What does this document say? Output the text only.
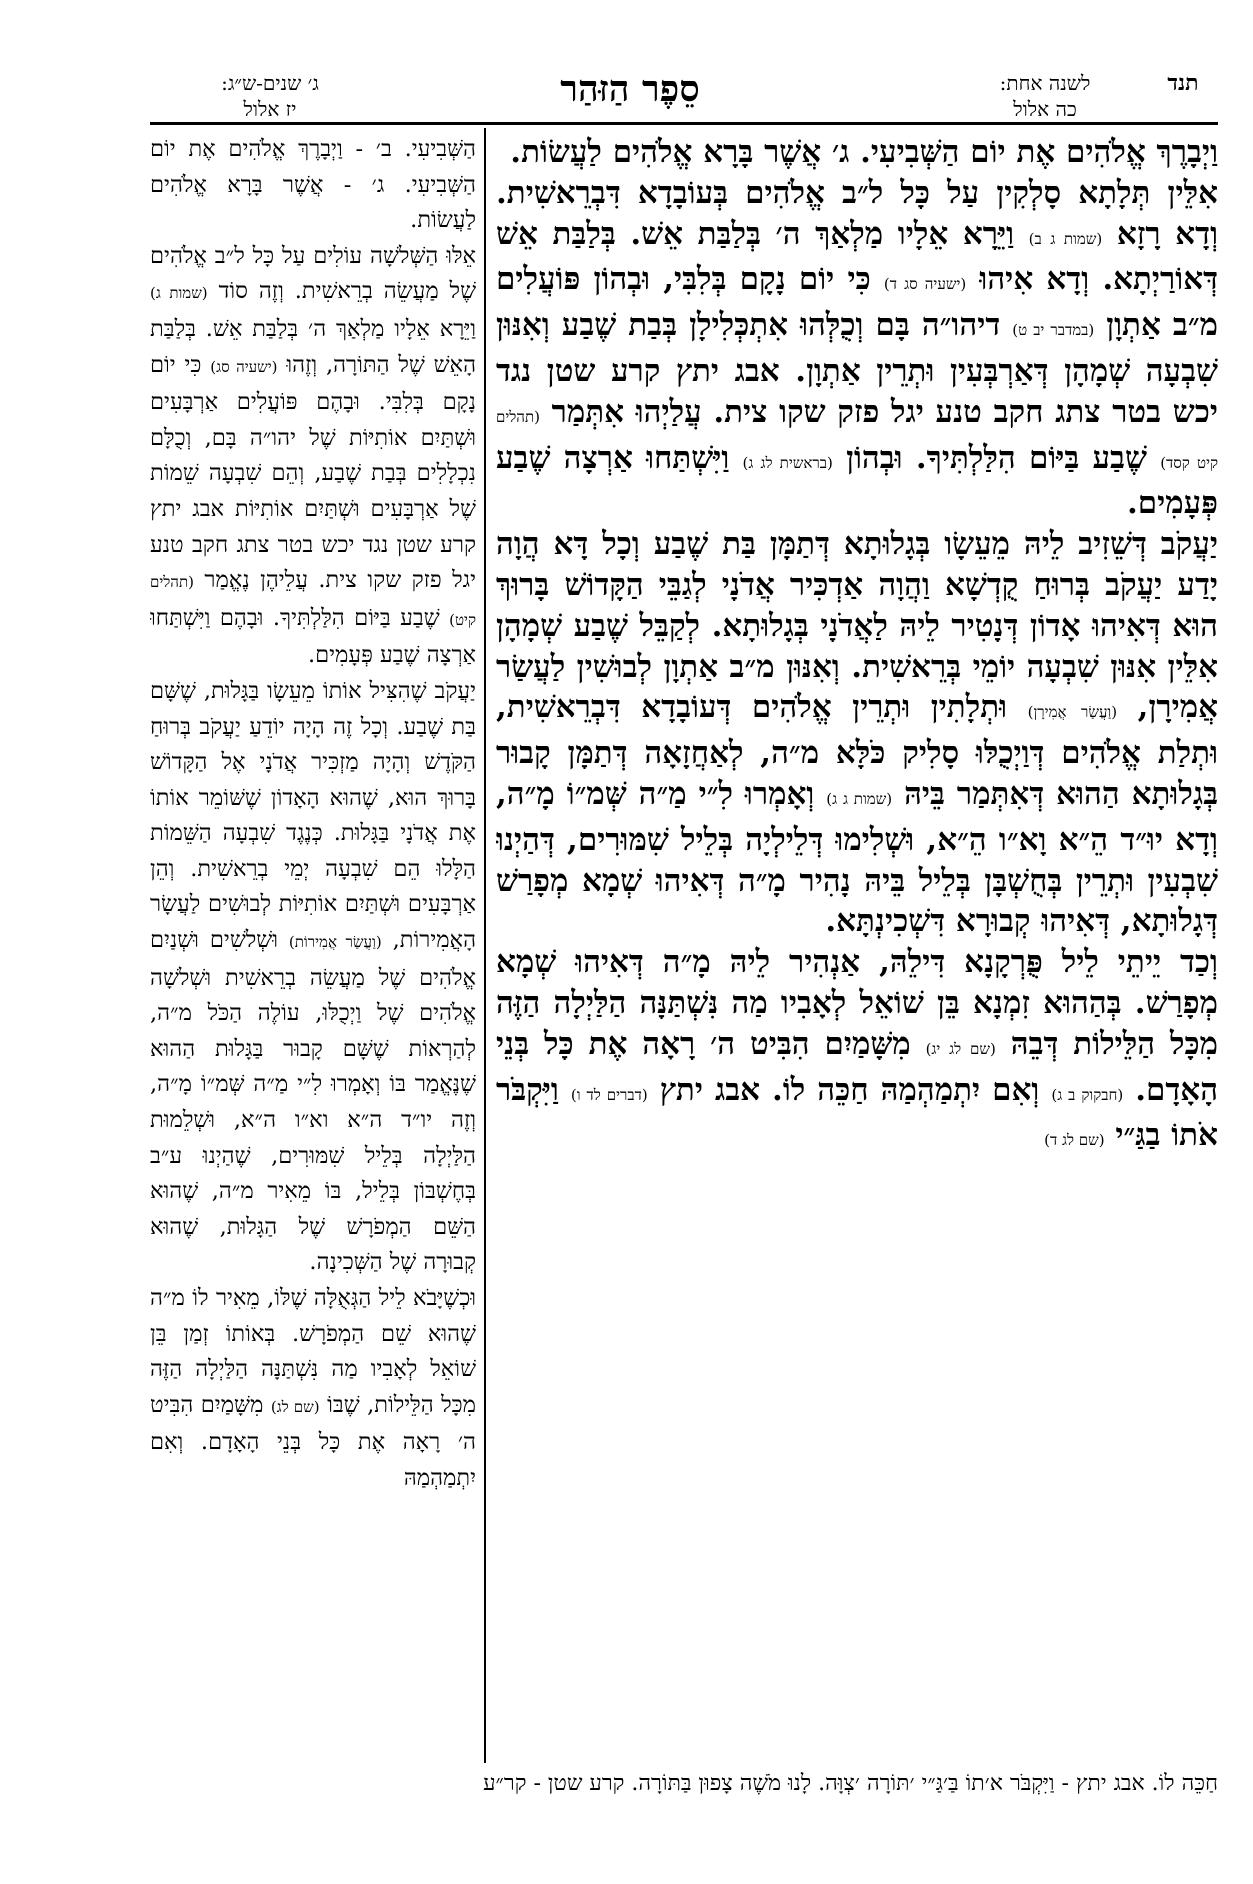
תנד
לשנה אחת:
כה אלול
סֵפֶר הַזּהַר
ג׳ שנים-ש״ג:
יז אלול

וַיְבָרֶךְ אֱלֹהִים אֶת יוֹם הַשְּׁבִיעִי. ג׳ אֲשֶׁר בָּרָא אֱלֹהִים לַעֲשׂוֹת.

אִלֵּין תְּלָתָא סָלְקִין עַל כָּל ל״ב אֱלֹהִים בְּעוֹבָדָא דִּבְרֵאשִׁית. וְדָא רָזָא (שמות ג ב) וַיֵּרָא אֵלָיו מַלְאַךְ ה׳ בְּלַבַּת אֵשׁ. בְּלַבַּת אֵשׁ דְּאוֹרַיְתָא. וְדָא אִיהוּ (ישעיה סג ד) כִּי יוֹם נָקָם בְּלִבִּי, וּבְהוֹן פּוֹעֲלִים מ״ב אַתְוָן (במדבר יב ט) דיהו״ה בָּם וְכֻלְּהוּ אִתְכְּלִילָן בְּבַת שֶׁבַע וְאִנּוּן שִׁבְעָה שְׁמָהָן דְּאַרְבְּעִין וּתְרֵין אַתְוָן. אבג יתץ קרע שטן נגד יכש בטר צתג חקב טנע יגל פזק שקו צית. עֲלַיְהוּ אִתְּמַר (תהלים קיט קסד) שֶׁבַע בַּיּוֹם הִלַּלְתִּיךָ. וּבְהוֹן (בראשית לג ג) וַיִּשְׁתַּחוּ אַרְצָה שֶׁבַע פְּעָמִים.

יַעֲקֹב דְּשֵׁזִיב לֵיהּ מֵעֵשָׂו בְּגָלוּתָא דְּתַמָּן בַּת שֶׁבַע וְכָל דָּא הֲוָה יָדַע יַעֲקֹב בְּרוּחַ קֻדְשָׁא וַהֲוָה אַדְכִּיר אֲדֹנָי לְגַבֵּי הַקָּדוֹשׁ בָּרוּךְ הוּא דְּאִיהוּ אָדוֹן דְּנָטִיר לֵיהּ לַאֲדֹנָי בְּגָלוּתָא. לְקַבֵּל שֶׁבַע שְׁמָהָן אִלֵּין אִנּוּן שִׁבְעָה יוֹמֵי בְּרֵאשִׁית. וְאִנּוּן מ״ב אַתְוָן לְבוּשִׁין לַעֲשַׂר אֲמִירָן, (וַעֲשַׂר אֲמִירָן) וּתְלָתִין וּתְרֵין אֱלֹהִים דְּעוֹבָדָא דִּבְרֵאשִׁית, וּתְלַת אֱלֹהִים דְּוַיְכֻלּוּ סָלִיק כֹּלָּא מ״ה, לְאַחֲזָאָה דְּתַמָּן קָבוּר בְּגָלוּתָא הַהוּא דְּאִתְּמַר בֵּיהּ (שמות ג ג) וְאָמְרוּ לִ״י מַ״ה שְּׁמ״וֹ מָ״ה, וְדָא יוּ״ד הֵ״א וָא״ו הֵ״א, וּשְׁלִימוּ דְּלֵילְיָה בְּלֵיל שִׁמּוּרִים, דְּהַיְנוּ שִׁבְעִין וּתְרֵין בְּחֻשְׁבָּן בְּלֵיל בֵּיהּ נָהִיר מָ״ה דְּאִיהוּ שְׁמָא מְפָרַשׁ דְּגָלוּתָא, דְּאִיהוּ קְבוּרָא דִּשְׁכִינְתָּא.

וְכַד יֵיתֵי לֵיל פֻּרְקָנָא דִּילֵהּ, אַנְהִיר לֵיהּ מָ״ה דְּאִיהוּ שְׁמָא מְפָרַשׁ. בְּהַהוּא זִמְנָא בֵּן שׁוֹאֵל לְאָבִיו מַה נִּשְׁתַּנָּה הַלַּיְלָה הַזֶּה מִכָּל הַלֵּילוֹת דְּבֵהּ (שם לג יג) מִשָּׁמַיִם הִבִּיט ה׳ רָאָה אֶת כָּל בְּנֵי הָאָדָם. (חבקוק ב ג) וְאִם יִתְמַהְמַהּ חַכֵּה לוֹ. אבג יתץ (דברים לד ו) וַיִּקְבֹּר אֹתוֹ בַגַּ״י (שם לג ד)

הַשְּׁבִיעִי. ב׳ - וַיְבָרֶךְ אֱלֹהִים אֶת יוֹם הַשְּׁבִיעִי. ג׳ - אֲשֶׁר בָּרָא אֱלֹהִים לַעֲשׂוֹת.

אֵלּוּ הַשְּׁלשָׁה עוֹלִים עַל כָּל ל״ב אֱלֹהִים שֶׁל מַעֲשֵׂה בְרֵאשִׁית. וְזֶה סוֹד (שמות ג) וַיֵּרָא אֵלָיו מַלְאַךְ ה׳ בְּלַבַּת אֵשׁ. בְּלַבַּת הָאֵשׁ שֶׁל הַתּוֹרָה, וְזֶהוּ (ישעיה סג) כִּי יוֹם נָקָם בְּלִבִּי. וּבָהֶם פּוֹעֲלִים אַרְבָּעִים וּשְׁתַּיִם אוֹתִיּוֹת שֶׁל יהו״ה בָּם, וְכֻלָּם נִכְלָלִים בְּבַת שֶׁבַע, וְהֵם שִׁבְעָה שֵׁמוֹת שֶׁל אַרְבָּעִים וּשְׁתַּיִם אוֹתִיּוֹת אבג יתץ קרע שטן נגד יכש בטר צתג חקב טנע יגל פזק שקו צית. עֲלֵיהֶן נֶאֱמַר (תהלים קיט) שֶׁבַע בַּיּוֹם הִלַּלְתִּיךָ. וּבָהֶם וַיִּשְׁתַּחוּ אַרְצָה שֶׁבַע פְּעָמִים.

יַעֲקֹב שֶׁהִצִּיל אוֹתוֹ מֵעֵשָׂו בַּגָּלוּת, שֶׁשָּׁם בַּת שֶׁבַע. וְכָל זֶה הָיָה יוֹדֵעַ יַעֲקֹב בְּרוּחַ הַקֹּדֶשׁ וְהָיָה מַזְכִּיר אֲדֹנָי אֶל הַקָּדוֹשׁ בָּרוּךְ הוּא, שֶׁהוּא הָאָדוֹן שֶׁשּׁוֹמֵר אוֹתוֹ אֶת אֲדֹנָי בַּגָּלוּת. כְּנֶגֶד שִׁבְעָה הַשֵּׁמוֹת הַלָּלוּ הֵם שִׁבְעָה יְמֵי בְרֵאשִׁית. וְהֵן אַרְבָּעִים וּשְׁתַּיִם אוֹתִיּוֹת לְבוּשִׁים לַעֲשָׂר הָאֲמִירוֹת, (וַעֲשַׂר אֲמִירוֹת) וּשְׁלשִׁים וּשְׁנַיִם אֱלֹהִים שֶׁל מַעֲשֵׂה בְרֵאשִׁית וּשְׁלשָׁה אֱלֹהִים שֶׁל וַיְכֻלּוּ, עוֹלֶה הַכֹּל מ״ה, לְהַרְאוֹת שֶׁשָּׁם קָבוּר בַּגָּלוּת הַהוּא שֶׁנֶּאֱמַר בּוֹ וְאָמְרוּ לִ״י מַ״ה שְּׁמ״וֹ מָ״ה, וְזֶה יו״ד ה״א וא״ו ה״א, וּשְׁלֵמוּת הַלַּיְלָה בְּלֵיל שִׁמּוּרִים, שֶׁהַיְנוּ ע״ב בְּחֶשְׁבּוֹן בְּלֵיל, בּוֹ מֵאִיר מ״ה, שֶׁהוּא הַשֵּׁם הַמְפֹרָשׁ שֶׁל הַגָּלוּת, שֶׁהוּא קְבוּרָה שֶׁל הַשְּׁכִינָה.

וּכְשֶׁיָּבֹא לֵיל הַגְּאֻלָּה שֶׁלּוֹ, מֵאִיר לוֹ מ״ה שֶׁהוּא שֵׁם הַמְפֹרָשׁ. בְּאוֹתוֹ זְמַן בֵּן שׁוֹאֵל לְאָבִיו מַה נִּשְׁתַּנָּה הַלַּיְלָה הַזֶּה מִכָּל הַלֵּילוֹת, שֶׁבּוֹ (שם לג) מִשָּׁמַיִם הִבִּיט ה׳ רָאָה אֶת כָּל בְּנֵי הָאָדָם. וְאִם יִתְמַהְמַהּ

חַכֵּה לוֹ. אבג יתץ - וַיִּקְבֹּר א׳תוֹ בַּ׳גַּ״י ׳תּוֹרָה ׳צְוָּה. לָנוּ מֹשֶׁה צָפוּן בַּתּוֹרָה. קרע שטן - קר״ע
